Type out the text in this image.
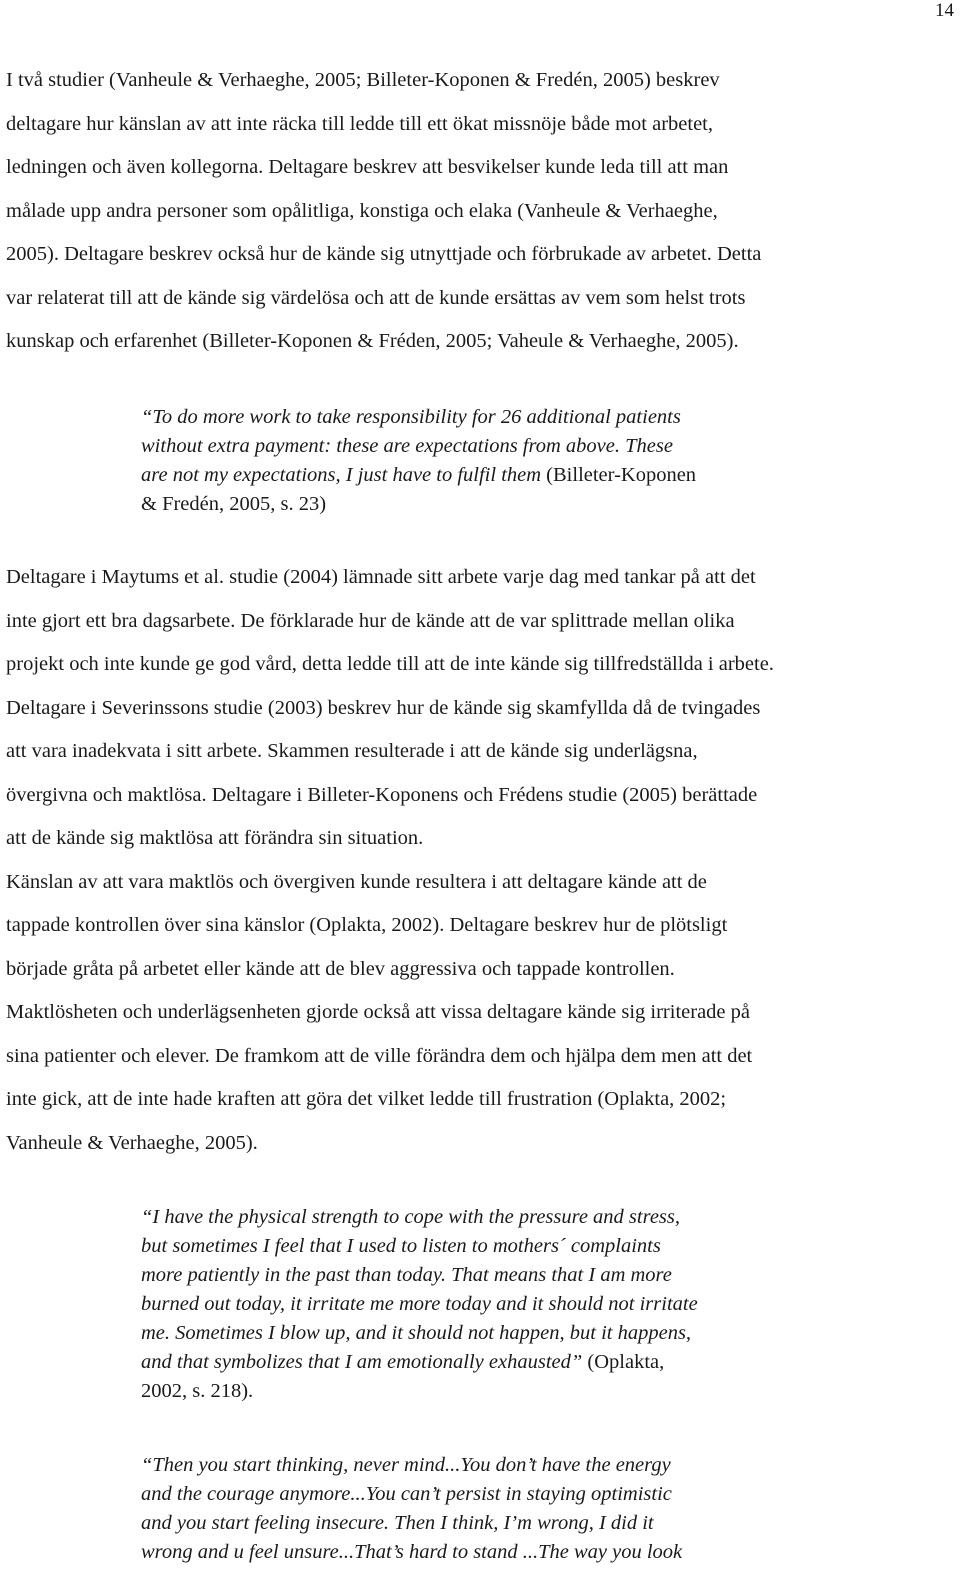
14
I två studier (Vanheule & Verhaeghe, 2005; Billeter-Koponen & Fredén, 2005) beskrev
deltagare hur känslan av att inte räcka till ledde till ett ökat missnöje både mot arbetet,
ledningen och även kollegorna. Deltagare beskrev att besvikelser kunde leda till att man
målade upp andra personer som opålitliga, konstiga och elaka (Vanheule & Verhaeghe,
2005). Deltagare beskrev också hur de kände sig utnyttjade och förbrukade av arbetet. Detta
var relaterat till att de kände sig värdelösa och att de kunde ersättas av vem som helst trots
kunskap och erfarenhet (Billeter-Koponen & Fréden, 2005; Vaheule & Verhaeghe, 2005).
“To do more work to take responsibility for 26 additional patients
without extra payment: these are expectations from above. These
are not my expectations, I just have to fulfil them (Billeter-Koponen
& Fredén, 2005, s. 23)
Deltagare i Maytums et al. studie (2004) lämnade sitt arbete varje dag med tankar på att det
inte gjort ett bra dagsarbete. De förklarade hur de kände att de var splittrade mellan olika
projekt och inte kunde ge god vård, detta ledde till att de inte kände sig tillfredställda i arbete.
Deltagare i Severinssons studie (2003) beskrev hur de kände sig skamfyllda då de tvingades
att vara inadekvata i sitt arbete. Skammen resulterade i att de kände sig underlägsna,
övergivna och maktlösa. Deltagare i Billeter-Koponens och Frédens studie (2005) berättade
att de kände sig maktlösa att förändra sin situation.
Känslan av att vara maktlös och övergiven kunde resultera i att deltagare kände att de
tappade kontrollen över sina känslor (Oplakta, 2002). Deltagare beskrev hur de plötsligt
började gråta på arbetet eller kände att de blev aggressiva och tappade kontrollen.
Maktlösheten och underlägsenheten gjorde också att vissa deltagare kände sig irriterade på
sina patienter och elever. De framkom att de ville förändra dem och hjälpa dem men att det
inte gick, att de inte hade kraften att göra det vilket ledde till frustration (Oplakta, 2002;
Vanheule & Verhaeghe, 2005).
“I have the physical strength to cope with the pressure and stress,
but sometimes I feel that I used to listen to mothers´ complaints
more patiently in the past than today. That means that I am more
burned out today, it irritate me more today and it should not irritate
me. Sometimes I blow up, and it should not happen, but it happens,
and that symbolizes that I am emotionally exhausted” (Oplakta,
2002, s. 218).
“Then you start thinking, never mind...You don’t have the energy
and the courage anymore...You can’t persist in staying optimistic
and you start feeling insecure. Then I think, I’m wrong, I did it
wrong and u feel unsure...That’s hard to stand ...The way you look
